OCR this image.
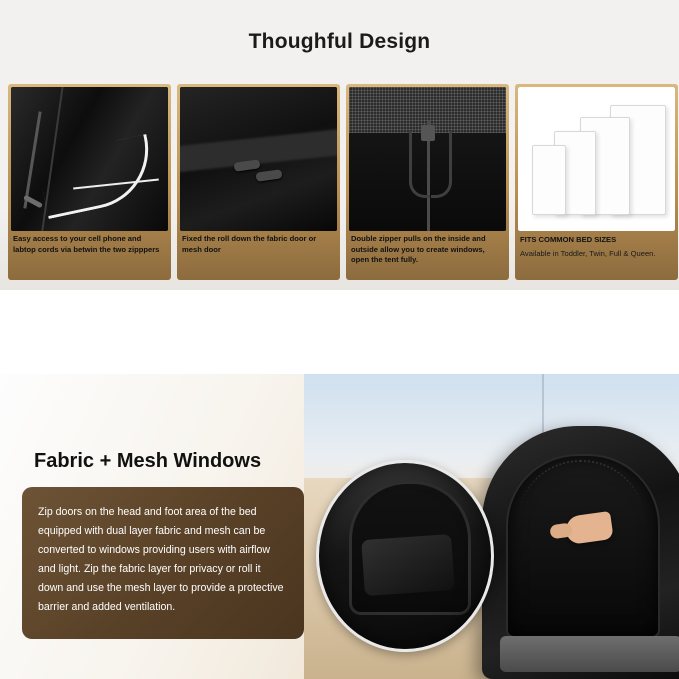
Thoughful Design
Easy access to your cell phone and labtop cords via betwin the two zipppers
Fixed the roll down the fabric door or mesh door
Double zipper pulls on the inside and outside allow you to create windows, open the tent fully.
FITS COMMON BED SIZES
Available in Toddler, Twin, Full & Queen.
Fabric + Mesh Windows

Zip doors on the head and foot area of the bed equipped with dual layer fabric and mesh can be converted to windows providing users with airflow and light. Zip the fabric layer for privacy or roll it down and use the mesh layer to provide a protective barrier and added ventilation.
